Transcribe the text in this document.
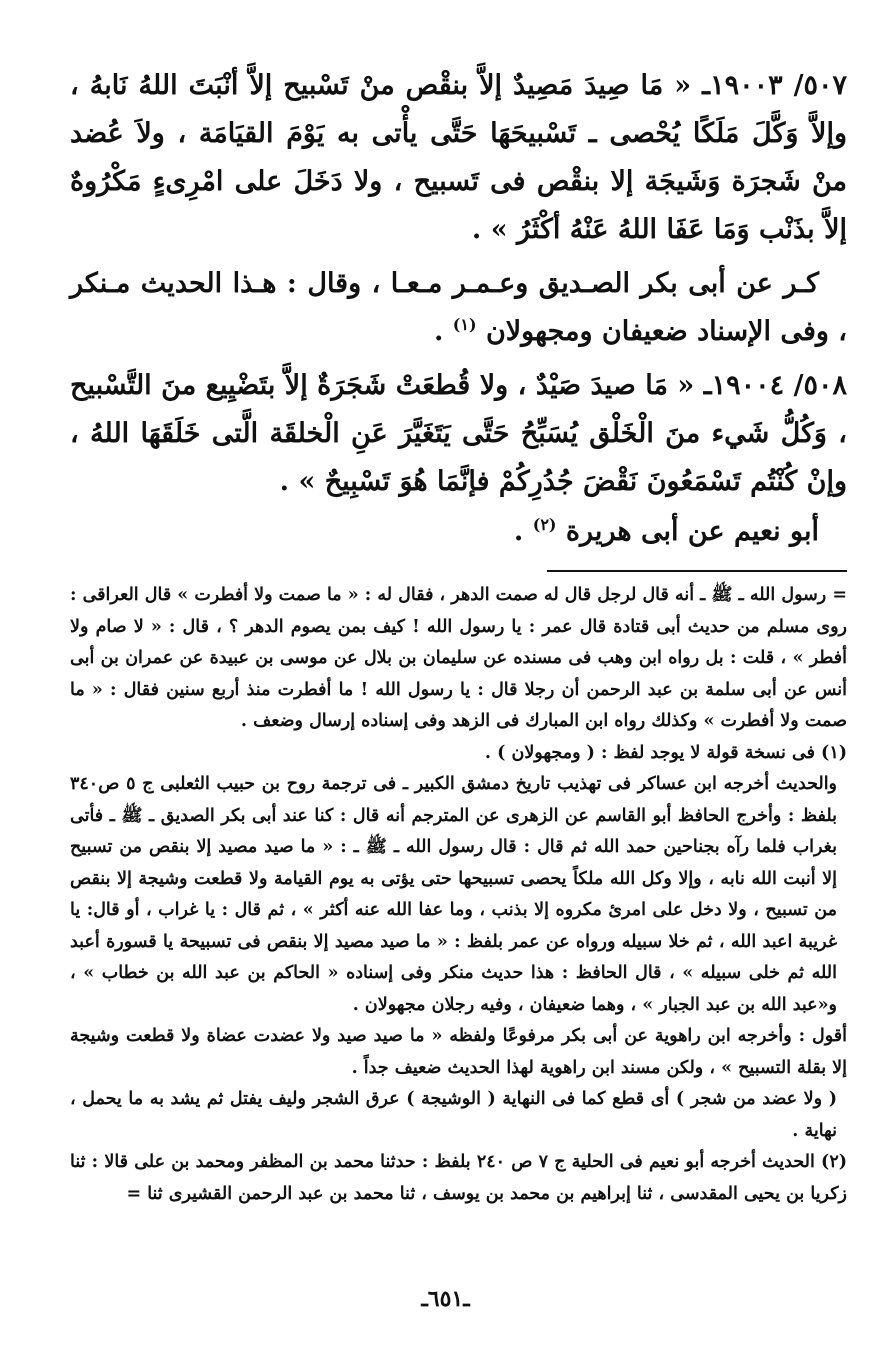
٥٠٧/ ١٩٠٠٣ـ « مَا صِيدَ مَصِيدٌ إلاَّ بنقْص منْ تَسْبيح إلاَّ أنْبَتَ اللهُ نَابهُ ، وإلاَّ وَكَّلَ مَلَكًا يُحْصى ـ تَسْبيحَهَا حَتَّى يأْتى به يَوْمَ القيَامَة ، ولاَ عُضد منْ شَجرَة وَشَيجَة إلا بنقْص فى تَسبيح ، ولا دَخَلَ على امْرِىءٍ مَكْرُوهٌ إلاَّ بذَنْب وَمَا عَفَا اللهُ عَنْهُ أكْثَرُ » .

كـر عن أبى بكر الصـديق وعـمـر مـعـا ، وقال : هـذا الحديث مـنكر ، وفى الإسناد ضعيفان ومجهولان $^{(١)}$ .

٥٠٨/ ١٩٠٠٤ـ « مَا صيدَ صَيْدٌ ، ولا قُطعَتْ شَجَرَةٌ إلاَّ بتَضْيِيع منَ التَّسْبيح ، وَكُلُّ شَيء منَ الْخَلْق يُسَبِّحُ حَتَّى يَتَغَيَّرَ عَنِ الْخلقَة الَّتى خَلَقَهَا اللهُ ، وإنْ كُنْتُم تَسْمَعُونَ نَقْضَ جُدُرِكُمْ فإنَّمَا هُوَ تَسْبِيحٌ » .

أبو نعيم عن أبى هريرة $^{(٢)}$ .

= رسول الله ـ ﷺ ـ أنه قال لرجل قال له صمت الدهر ، فقال له : « ما صمت ولا أفطرت » قال العراقى : روى مسلم من حديث أبى قتادة قال عمر : يا رسول الله ! كيف بمن يصوم الدهر ؟ ، قال : « لا صام ولا أفطر » ، قلت : بل رواه ابن وهب فى مسنده عن سليمان بن بلال عن موسى بن عبيدة عن عمران بن أبى أنس عن أبى سلمة بن عبد الرحمن أن رجلا قال : يا رسول الله ! ما أفطرت منذ أربع سنين فقال : « ما صمت ولا أفطرت » وكذلك رواه ابن المبارك فى الزهد وفى إسناده إرسال وضعف .

(١) فى نسخة قولة لا يوجد لفظ : ( ومجهولان ) .

والحديث أخرجه ابن عساكر فى تهذيب تاريخ دمشق الكبير ـ فى ترجمة روح بن حبيب الثعلبى ج ٥ ص٣٤٠ بلفظ : وأخرج الحافظ أبو القاسم عن الزهرى عن المترجم أنه قال : كنا عند أبى بكر الصديق ـ ﷺ ـ فأتى بغراب فلما رآه بجناحين حمد الله ثم قال : قال رسول الله ـ ﷺ ـ : « ما صيد مصيد إلا بنقص من تسبيح إلا أنبت الله نابه ، وإلا وكل الله ملكاً يحصى تسبيحها حتى يؤتى به يوم القيامة ولا قطعت وشيجة إلا بنقص من تسبيح ، ولا دخل على امرئ مكروه إلا بذنب ، وما عفا الله عنه أكثر » ، ثم قال : يا غراب ، أو قال: يا غريبة اعبد الله ، ثم خلا سبيله ورواه عن عمر بلفظ : « ما صيد مصيد إلا بنقص فى تسبيحة يا قسورة أعبد الله ثم خلى سبيله » ، قال الحافظ : هذا حديث منكر وفى إسناده « الحاكم بن عبد الله بن خطاب » ، و«عبد الله بن عبد الجبار » ، وهما ضعيفان ، وفيه رجلان مجهولان .

أقول : وأخرجه ابن راهوية عن أبى بكر مرفوعًا ولفظه « ما صيد صيد ولا عضدت عضاة ولا قطعت وشيجة إلا بقلة التسبيح » ، ولكن مسند ابن راهوية لهذا الحديث ضعيف جداً .

( ولا عضد من شجر ) أى قطع كما فى النهاية ( الوشيجة ) عرق الشجر وليف يفتل ثم يشد به ما يحمل ، نهاية .

(٢) الحديث أخرجه أبو نعيم فى الحلية ج ٧ ص ٢٤٠ بلفظ : حدثنا محمد بن المظفر ومحمد بن على قالا : ثنا زكريا بن يحيى المقدسى ، ثنا إبراهيم بن محمد بن يوسف ، ثنا محمد بن عبد الرحمن القشيرى ثنا =

ـ٦٥١ـ
